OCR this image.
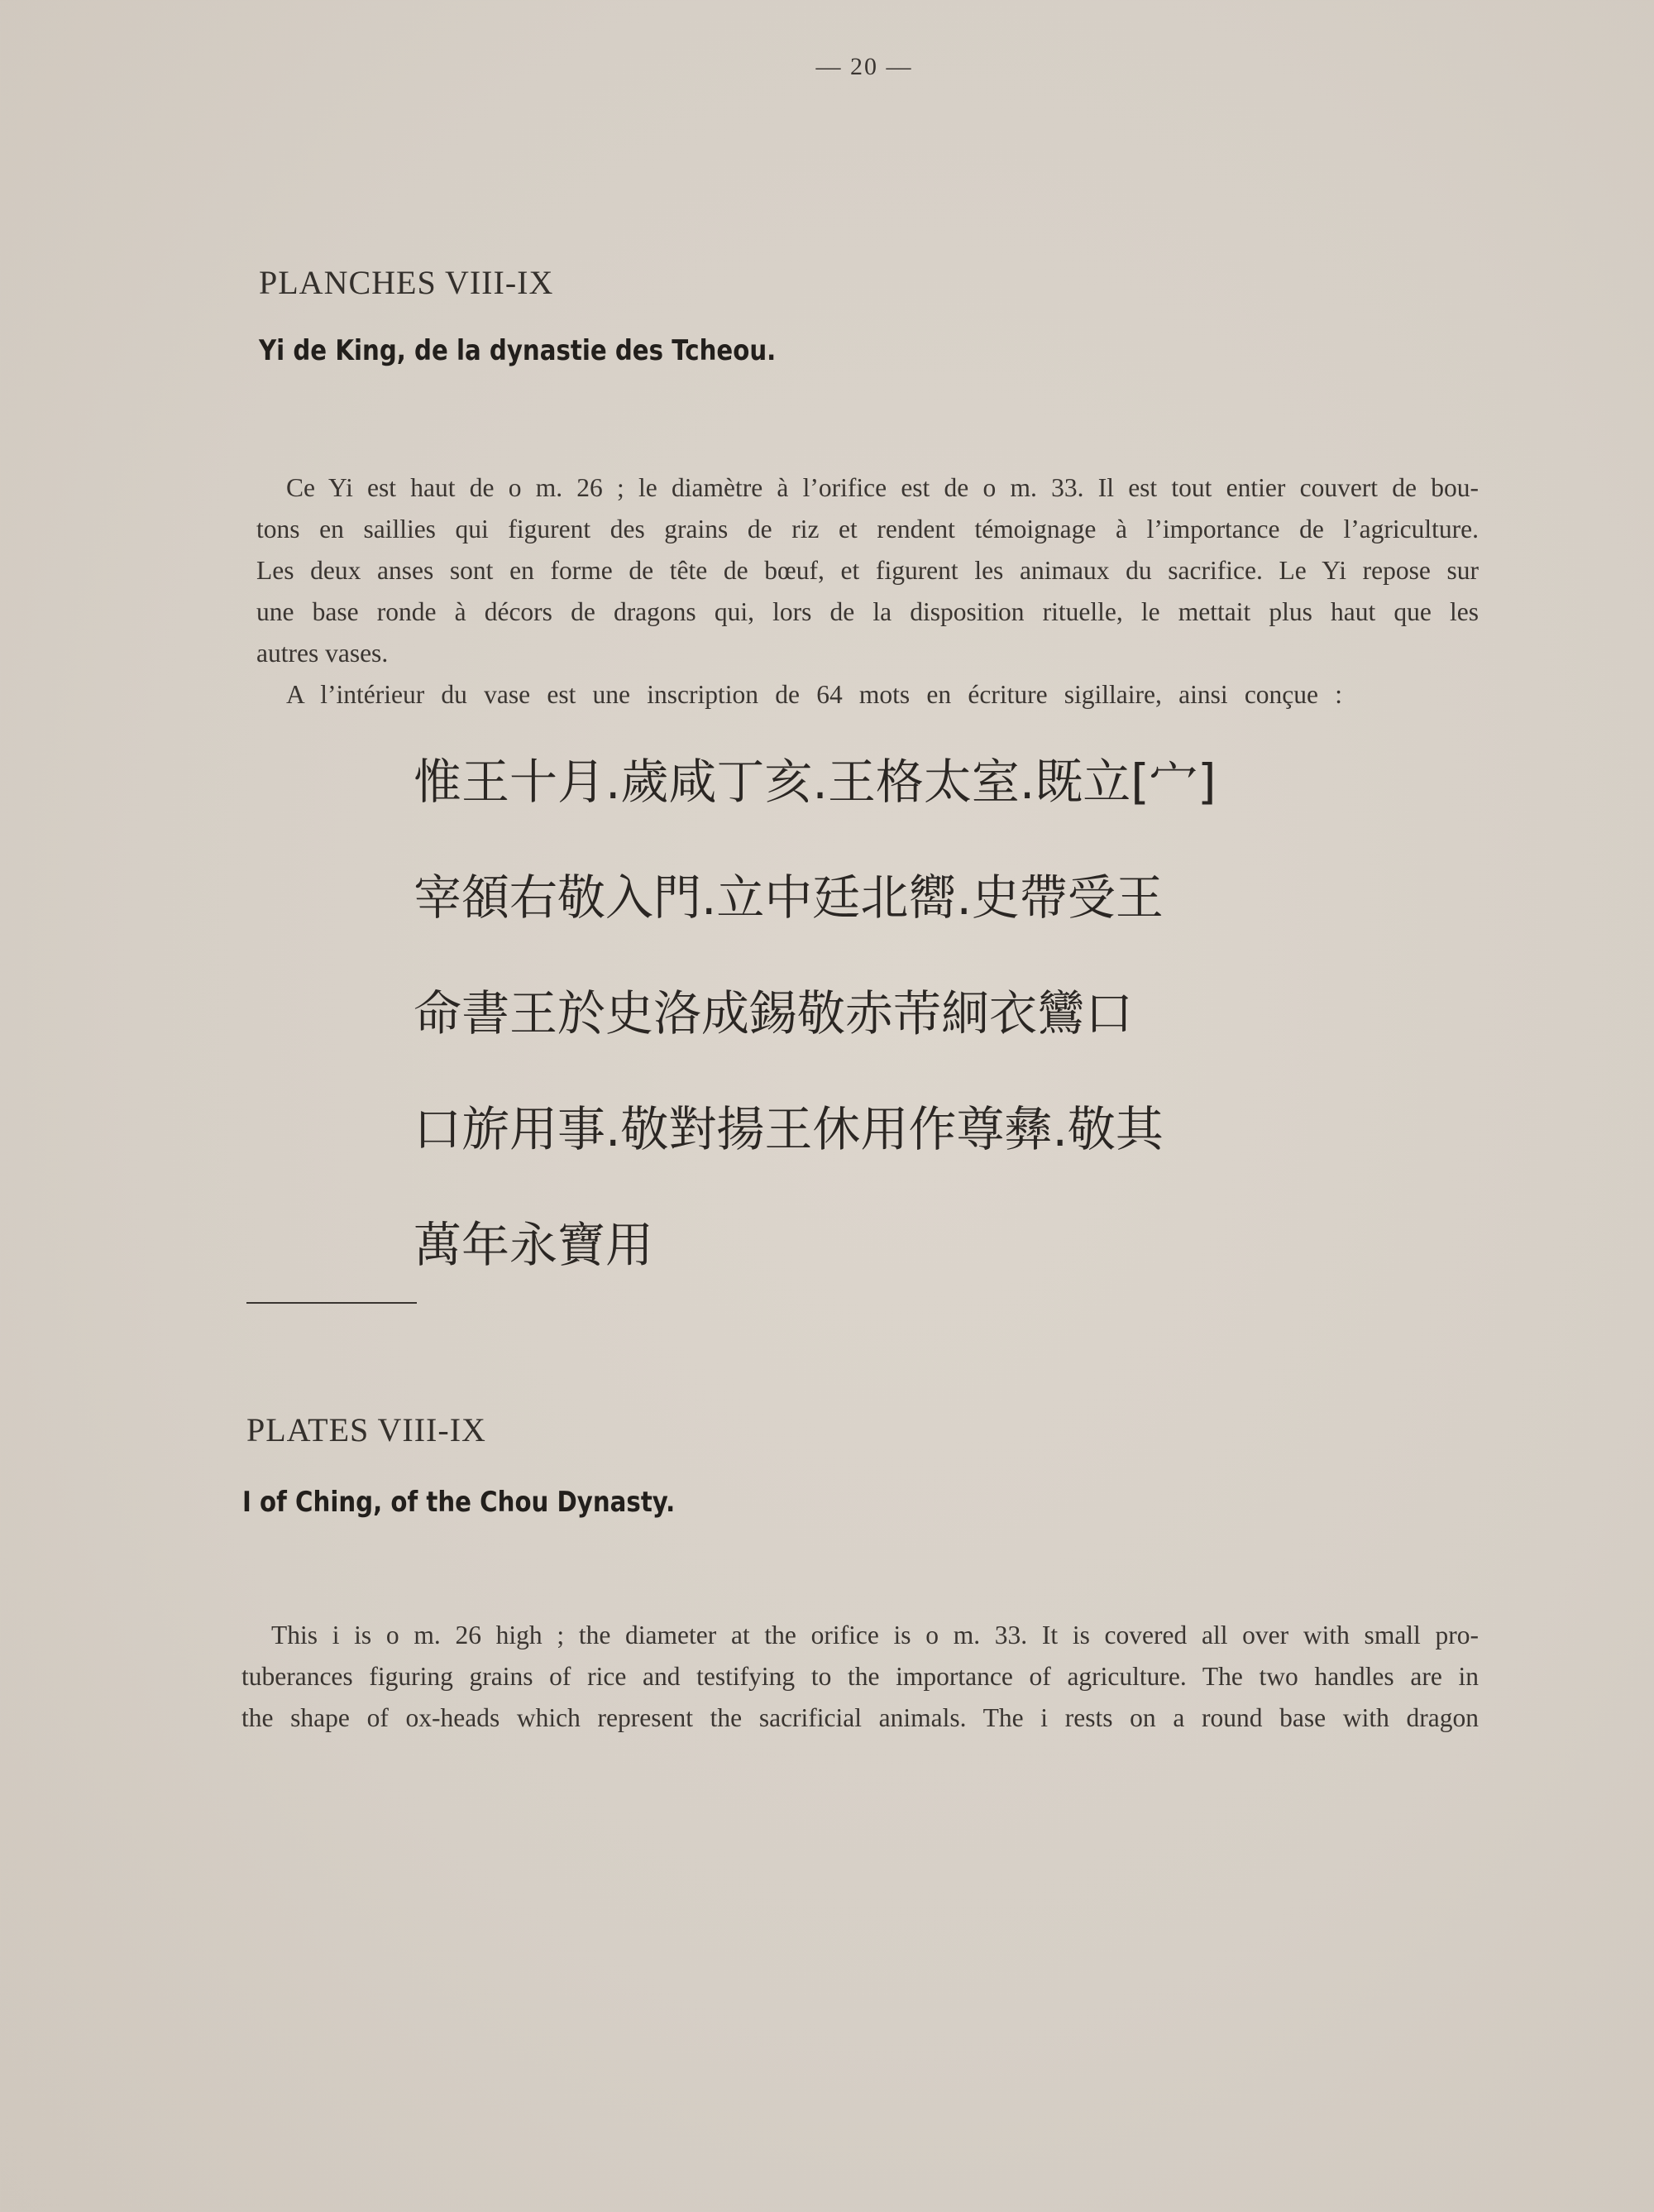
— 20 —
PLANCHES VIII-IX
Yi de King, de la dynastie des Tcheou.
Ce Yi est haut de o m. 26 ; le diamètre à l’orifice est de o m. 33. Il est tout entier couvert de bou-
tons en saillies qui figurent des grains de riz et rendent témoignage à l’importance de l’agriculture.
Les deux anses sont en forme de tête de bœuf, et figurent les animaux du sacrifice. Le Yi repose sur
une base ronde à décors de dragons qui, lors de la disposition rituelle, le mettait plus haut que les
autres vases.
A l’intérieur du vase est une inscription de 64 mots en écriture sigillaire, ainsi conçue :
惟王十月.歲咸丁亥.王格太室.既立[宀]
宰頟右敬入門.立中廷北嚮.史帶受王
命書王於史洛成錫敬赤芾絅衣鸞口
口旂用事.敬對揚王休用作尊彝.敬其
萬年永寶用
PLATES VIII-IX
I of Ching, of the Chou Dynasty.
This i is o m. 26 high ; the diameter at the orifice is o m. 33. It is covered all over with small pro-
tuberances figuring grains of rice and testifying to the importance of agriculture. The two handles are in
the shape of ox-heads which represent the sacrificial animals. The i rests on a round base with dragon
